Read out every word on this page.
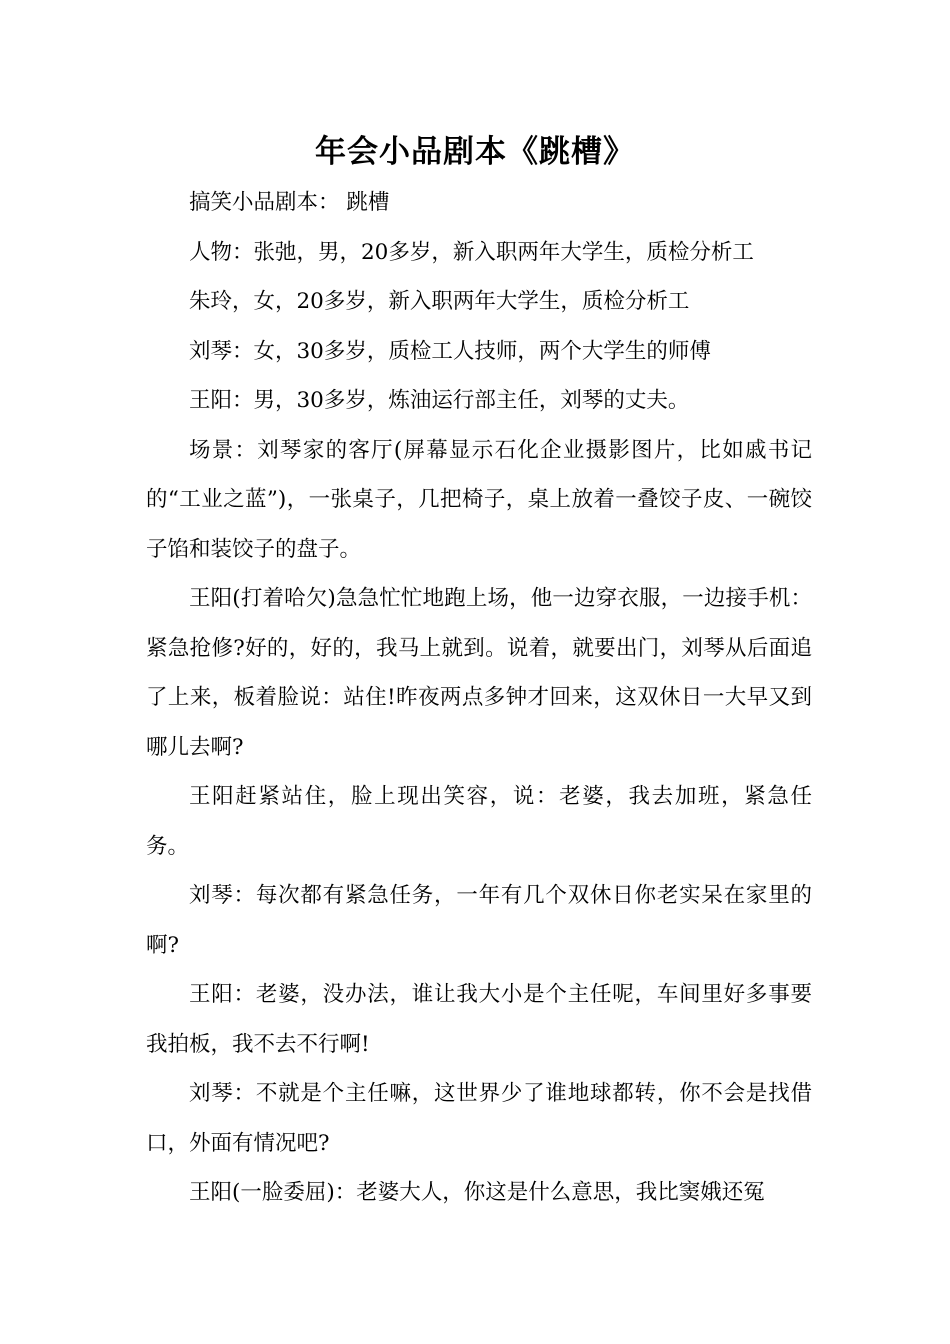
年会小品剧本《跳槽》

搞笑小品剧本： 跳槽

人物：张弛，男，20多岁，新入职两年大学生，质检分析工

朱玲，女，20多岁，新入职两年大学生，质检分析工

刘琴：女，30多岁，质检工人技师，两个大学生的师傅

王阳：男，30多岁，炼油运行部主任，刘琴的丈夫。

场景：刘琴家的客厅(屏幕显示石化企业摄影图片，比如戚书记的“工业之蓝”)，一张桌子，几把椅子，桌上放着一叠饺子皮、一碗饺子馅和装饺子的盘子。

王阳(打着哈欠)急急忙忙地跑上场，他一边穿衣服，一边接手机：紧急抢修?好的，好的，我马上就到。说着，就要出门，刘琴从后面追了上来，板着脸说：站住!昨夜两点多钟才回来，这双休日一大早又到哪儿去啊?

王阳赶紧站住，脸上现出笑容，说：老婆，我去加班，紧急任务。

刘琴：每次都有紧急任务，一年有几个双休日你老实呆在家里的啊?

王阳：老婆，没办法，谁让我大小是个主任呢，车间里好多事要我拍板，我不去不行啊!

刘琴：不就是个主任嘛，这世界少了谁地球都转，你不会是找借口，外面有情况吧?

王阳(一脸委屈)：老婆大人，你这是什么意思，我比窦娥还冤
